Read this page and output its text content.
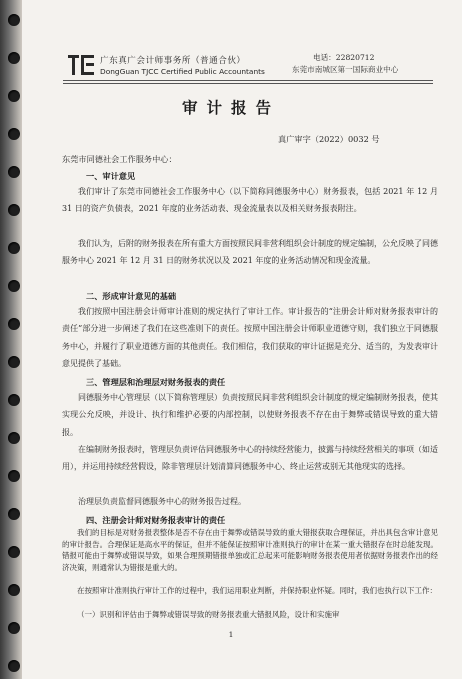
广东真广会计师事务所（普通合伙）
DongGuan TJCC Certified Public Accountants
电话：22820712
东莞市南城区第一国际商业中心
审计报告
真广审字（2022）0032 号
东莞市同德社会工作服务中心：
一、审计意见
我们审计了东莞市同德社会工作服务中心（以下简称同德服务中心）财务报表，包括 2021 年 12 月 31 日的资产负债表，2021 年度的业务活动表、现金流量表以及相关财务报表附注。
我们认为，后附的财务报表在所有重大方面按照民间非营利组织会计制度的规定编制，公允反映了同德服务中心 2021 年 12 月 31 日的财务状况以及 2021 年度的业务活动情况和现金流量。
二、形成审计意见的基础
我们按照中国注册会计师审计准则的规定执行了审计工作。审计报告的“注册会计师对财务报表审计的责任”部分进一步阐述了我们在这些准则下的责任。按照中国注册会计师职业道德守则，我们独立于同德服务中心，并履行了职业道德方面的其他责任。我们相信，我们获取的审计证据是充分、适当的，为发表审计意见提供了基础。
三、管理层和治理层对财务报表的责任
同德服务中心管理层（以下简称管理层）负责按照民间非营利组织会计制度的规定编制财务报表，使其实现公允反映，并设计、执行和维护必要的内部控制，以使财务报表不存在由于舞弊或错误导致的重大错报。
在编制财务报表时，管理层负责评估同德服务中心的持续经营能力，披露与持续经营相关的事项（如适用），并运用持续经营假设，除非管理层计划清算同德服务中心、终止运营或别无其他现实的选择。
治理层负责监督同德服务中心的财务报告过程。
四、注册会计师对财务报表审计的责任
我们的目标是对财务报表整体是否不存在由于舞弊或错误导致的重大错报获取合理保证，并出具包含审计意见的审计报告。合理保证是高水平的保证，但并不能保证按照审计准则执行的审计在某一重大错报存在时总能发现。错报可能由于舞弊或错误导致，如果合理预期错报单独或汇总起来可能影响财务报表使用者依据财务报表作出的经济决策，则通常认为错报是重大的。
在按照审计准则执行审计工作的过程中，我们运用职业判断，并保持职业怀疑。同时，我们也执行以下工作：
（一）识别和评估由于舞弊或错误导致的财务报表重大错报风险，设计和实施审
1
